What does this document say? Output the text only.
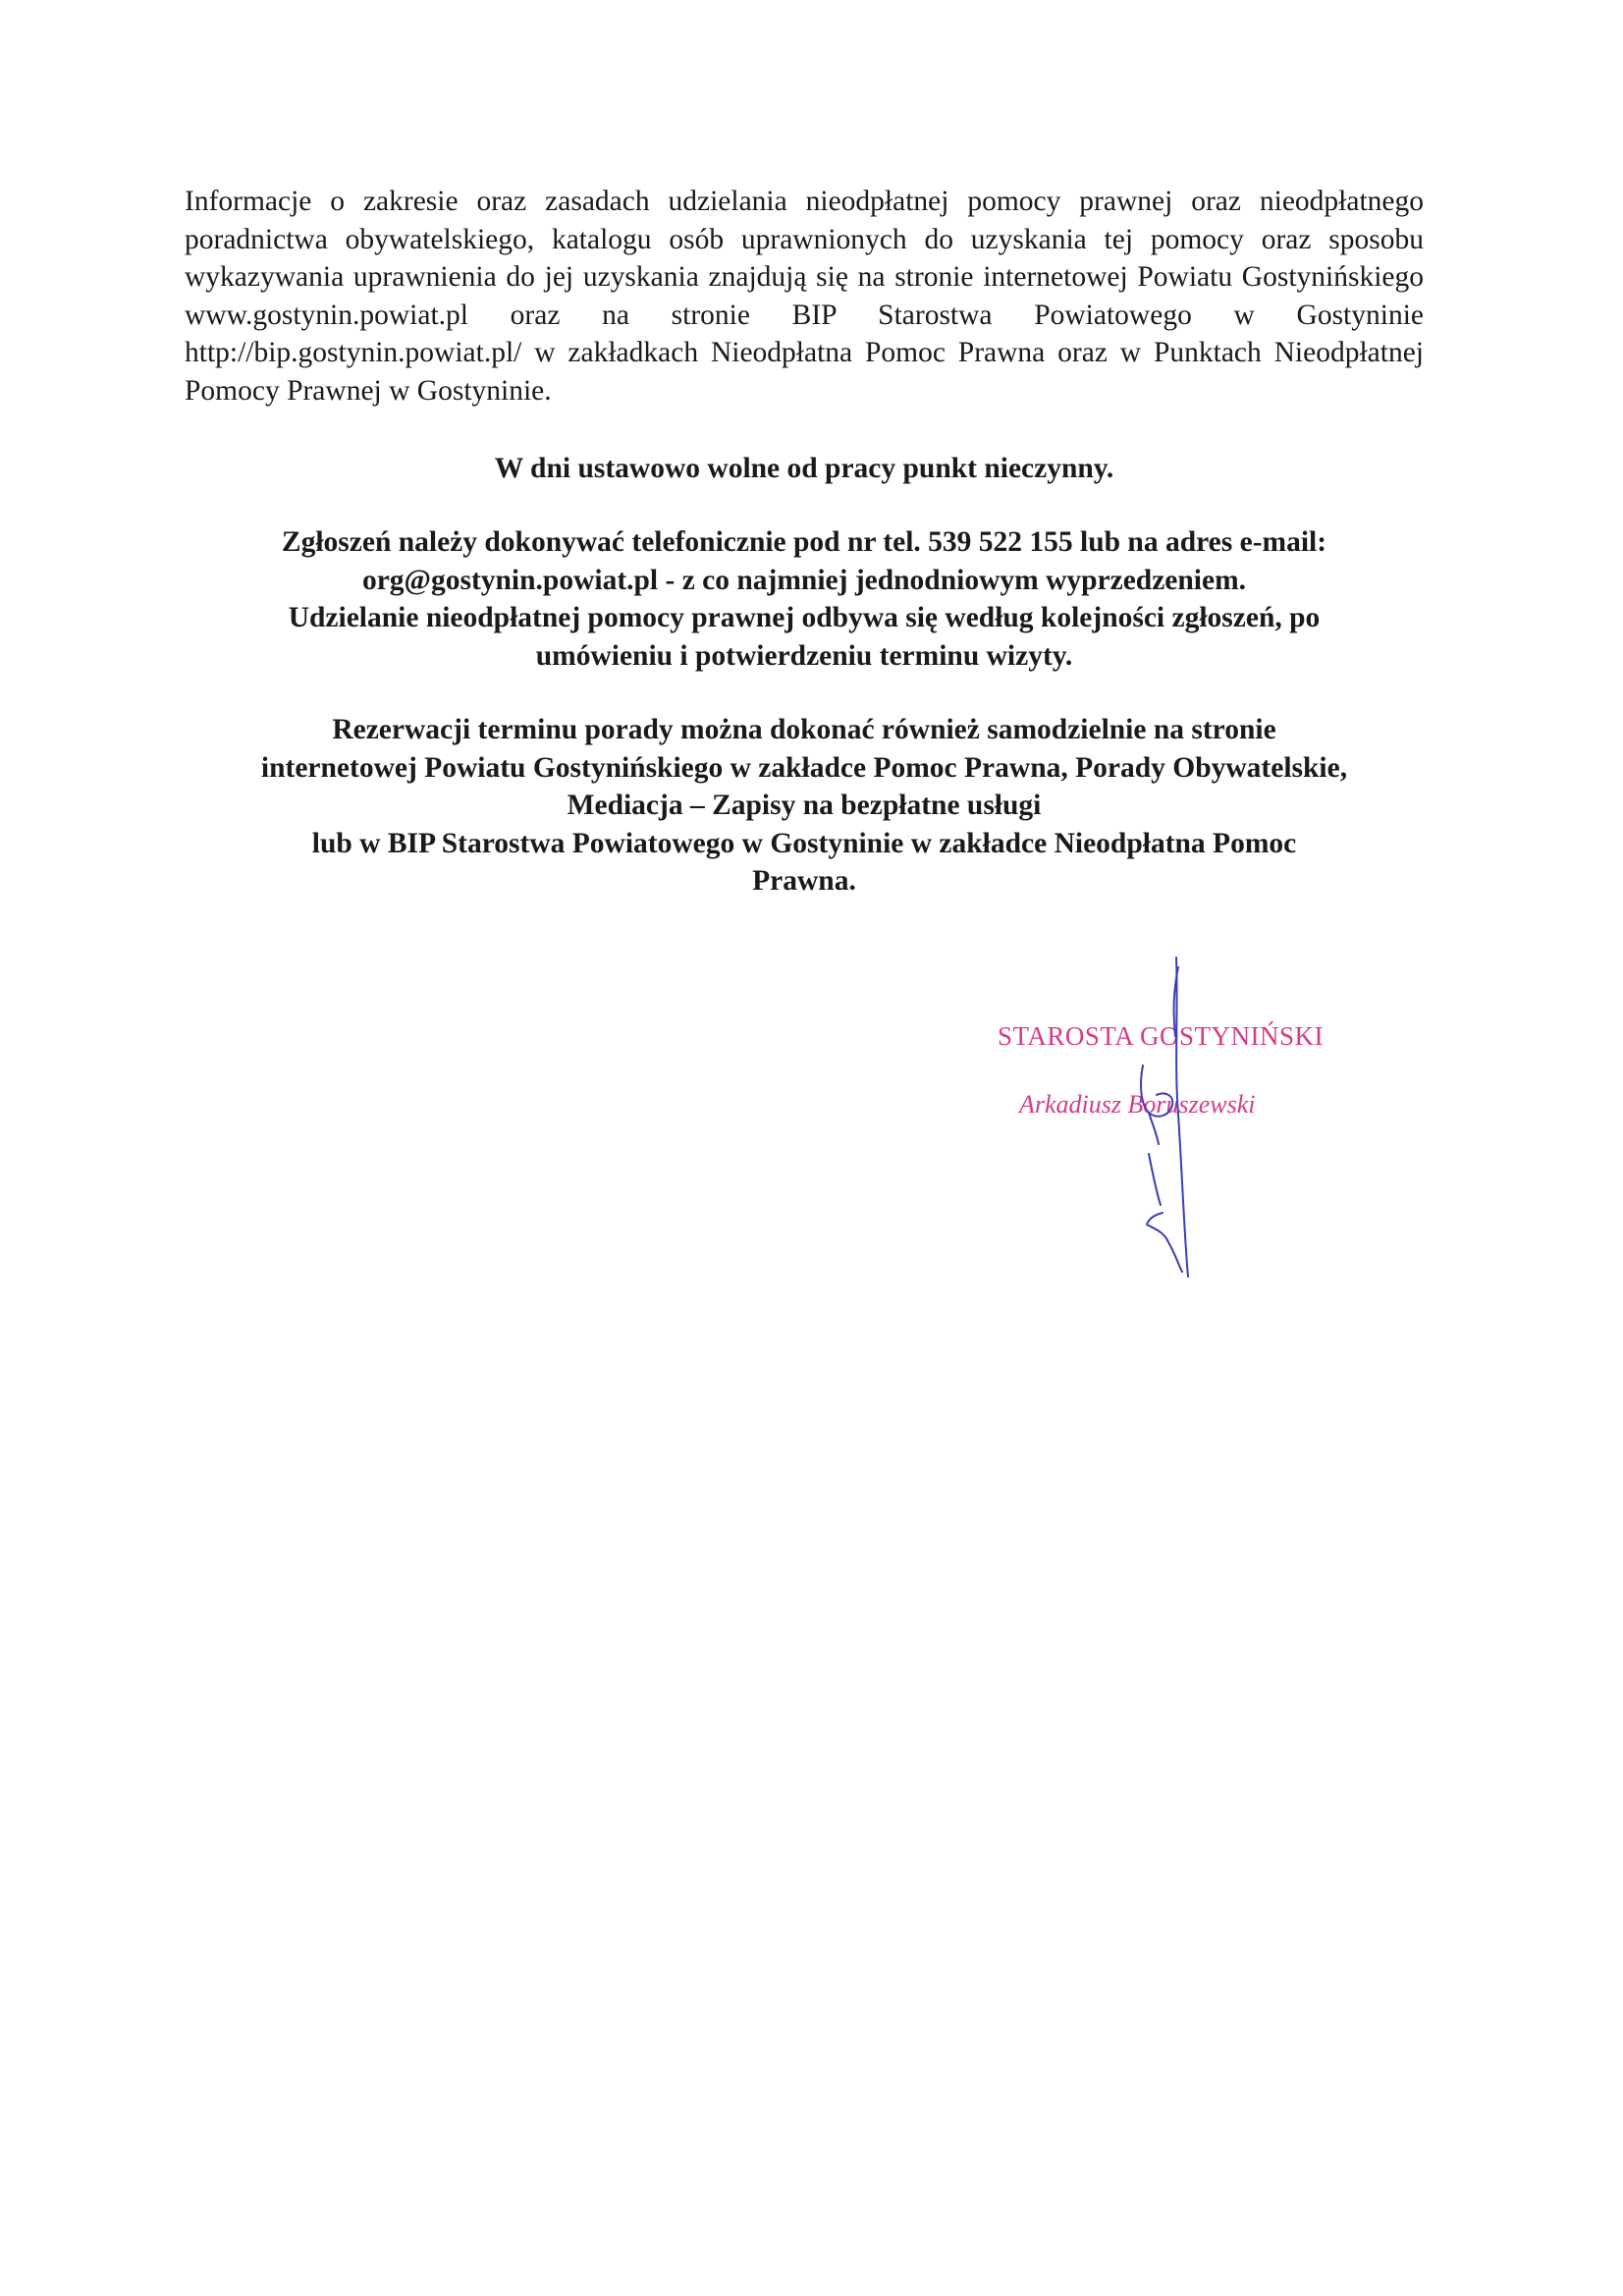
Informacje o zakresie oraz zasadach udzielania nieodpłatnej pomocy prawnej oraz nieodpłatnego poradnictwa obywatelskiego, katalogu osób uprawnionych do uzyskania tej pomocy oraz sposobu wykazywania uprawnienia do jej uzyskania znajdują się na stronie internetowej Powiatu Gostynińskiego www.gostynin.powiat.pl oraz na stronie BIP Starostwa Powiatowego w Gostyninie http://bip.gostynin.powiat.pl/ w zakładkach Nieodpłatna Pomoc Prawna oraz w Punktach Nieodpłatnej Pomocy Prawnej w Gostyninie.

W dni ustawowo wolne od pracy punkt nieczynny.

Zgłoszeń należy dokonywać telefonicznie pod nr tel. 539 522 155 lub na adres e-mail:
org@gostynin.powiat.pl - z co najmniej jednodniowym wyprzedzeniem.
Udzielanie nieodpłatnej pomocy prawnej odbywa się według kolejności zgłoszeń, po
umówieniu i potwierdzeniu terminu wizyty.

Rezerwacji terminu porady można dokonać również samodzielnie na stronie
internetowej Powiatu Gostynińskiego w zakładce Pomoc Prawna, Porady Obywatelskie,
Mediacja – Zapisy na bezpłatne usługi
lub w BIP Starostwa Powiatowego w Gostyninie w zakładce Nieodpłatna Pomoc
Prawna.

STAROSTA GOSTYNIŃSKI
Arkadiusz Boruszewski
